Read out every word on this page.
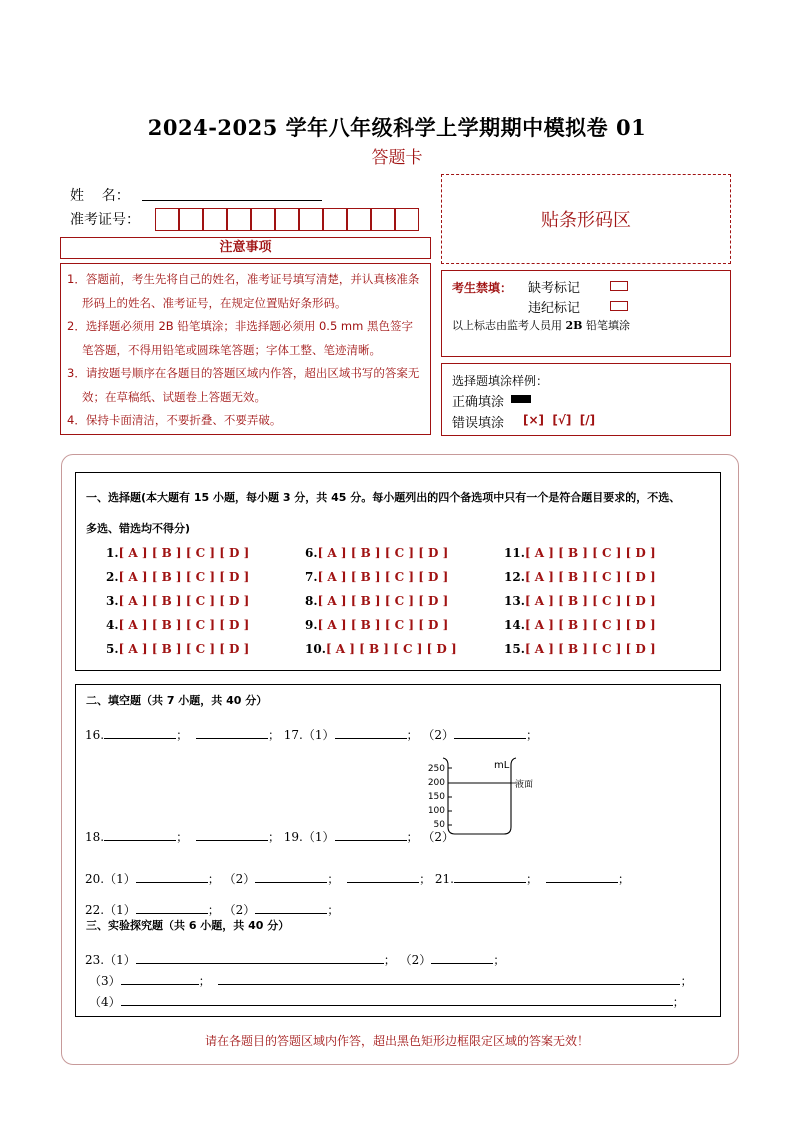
2024-2025 学年八年级科学上学期期中模拟卷 01
答题卡
姓    名：
准考证号：	贴条形码区
注意事项

1．答题前，考生先将自己的姓名，准考证号填写清楚，并认真核准条形码上的姓名、准考证号，在规定位置贴好条形码。

2．选择题必须用 2B 铅笔填涂；非选择题必须用 0.5 mm 黑色签字笔答题，不得用铅笔或圆珠笔答题；字体工整、笔迹清晰。

3．请按题号顺序在各题目的答题区域内作答，超出区域书写的答案无效；在草稿纸、试题卷上答题无效。

4．保持卡面清洁，不要折叠、不要弄破。

考生禁填： 缺考标记
违纪标记
以上标志由监考人员用 2B 铅笔填涂
选择题填涂样例：
正确填涂
错误填涂 [×]  [√]  [/]
一、选择题(本大题有 15 小题，每小题 3 分，共 45 分。每小题列出的四个备选项中只有一个是符合题目要求的，不选、
多选、错选均不得分)
1.[ A ] [ B ] [ C ] [ D ]
2.[ A ] [ B ] [ C ] [ D ]
3.[ A ] [ B ] [ C ] [ D ]
4.[ A ] [ B ] [ C ] [ D ]
5.[ A ] [ B ] [ C ] [ D ]
6.[ A ] [ B ] [ C ] [ D ]
7.[ A ] [ B ] [ C ] [ D ]
8.[ A ] [ B ] [ C ] [ D ]
9.[ A ] [ B ] [ C ] [ D ]
10.[ A ] [ B ] [ C ] [ D ]
11.[ A ] [ B ] [ C ] [ D ]
12.[ A ] [ B ] [ C ] [ D ]
13.[ A ] [ B ] [ C ] [ D ]
14.[ A ] [ B ] [ C ] [ D ]
15.[ A ] [ B ] [ C ] [ D ]
二、填空题（共 7 小题，共 40 分）
16.	；	； 17.（1）	； （2）	；
250
200
150
100
50
mL
液面
18.	；	； 19.（1）	； （2）
20.（1）	； （2）	；	； 21.	；	；
22.（1）	； （2）	；
三、实验探究题（共 6 小题，共 40 分）
23.（1）	； （2）	；
（3）	；	；
（4）	；
请在各题目的答题区域内作答，超出黑色矩形边框限定区域的答案无效！
